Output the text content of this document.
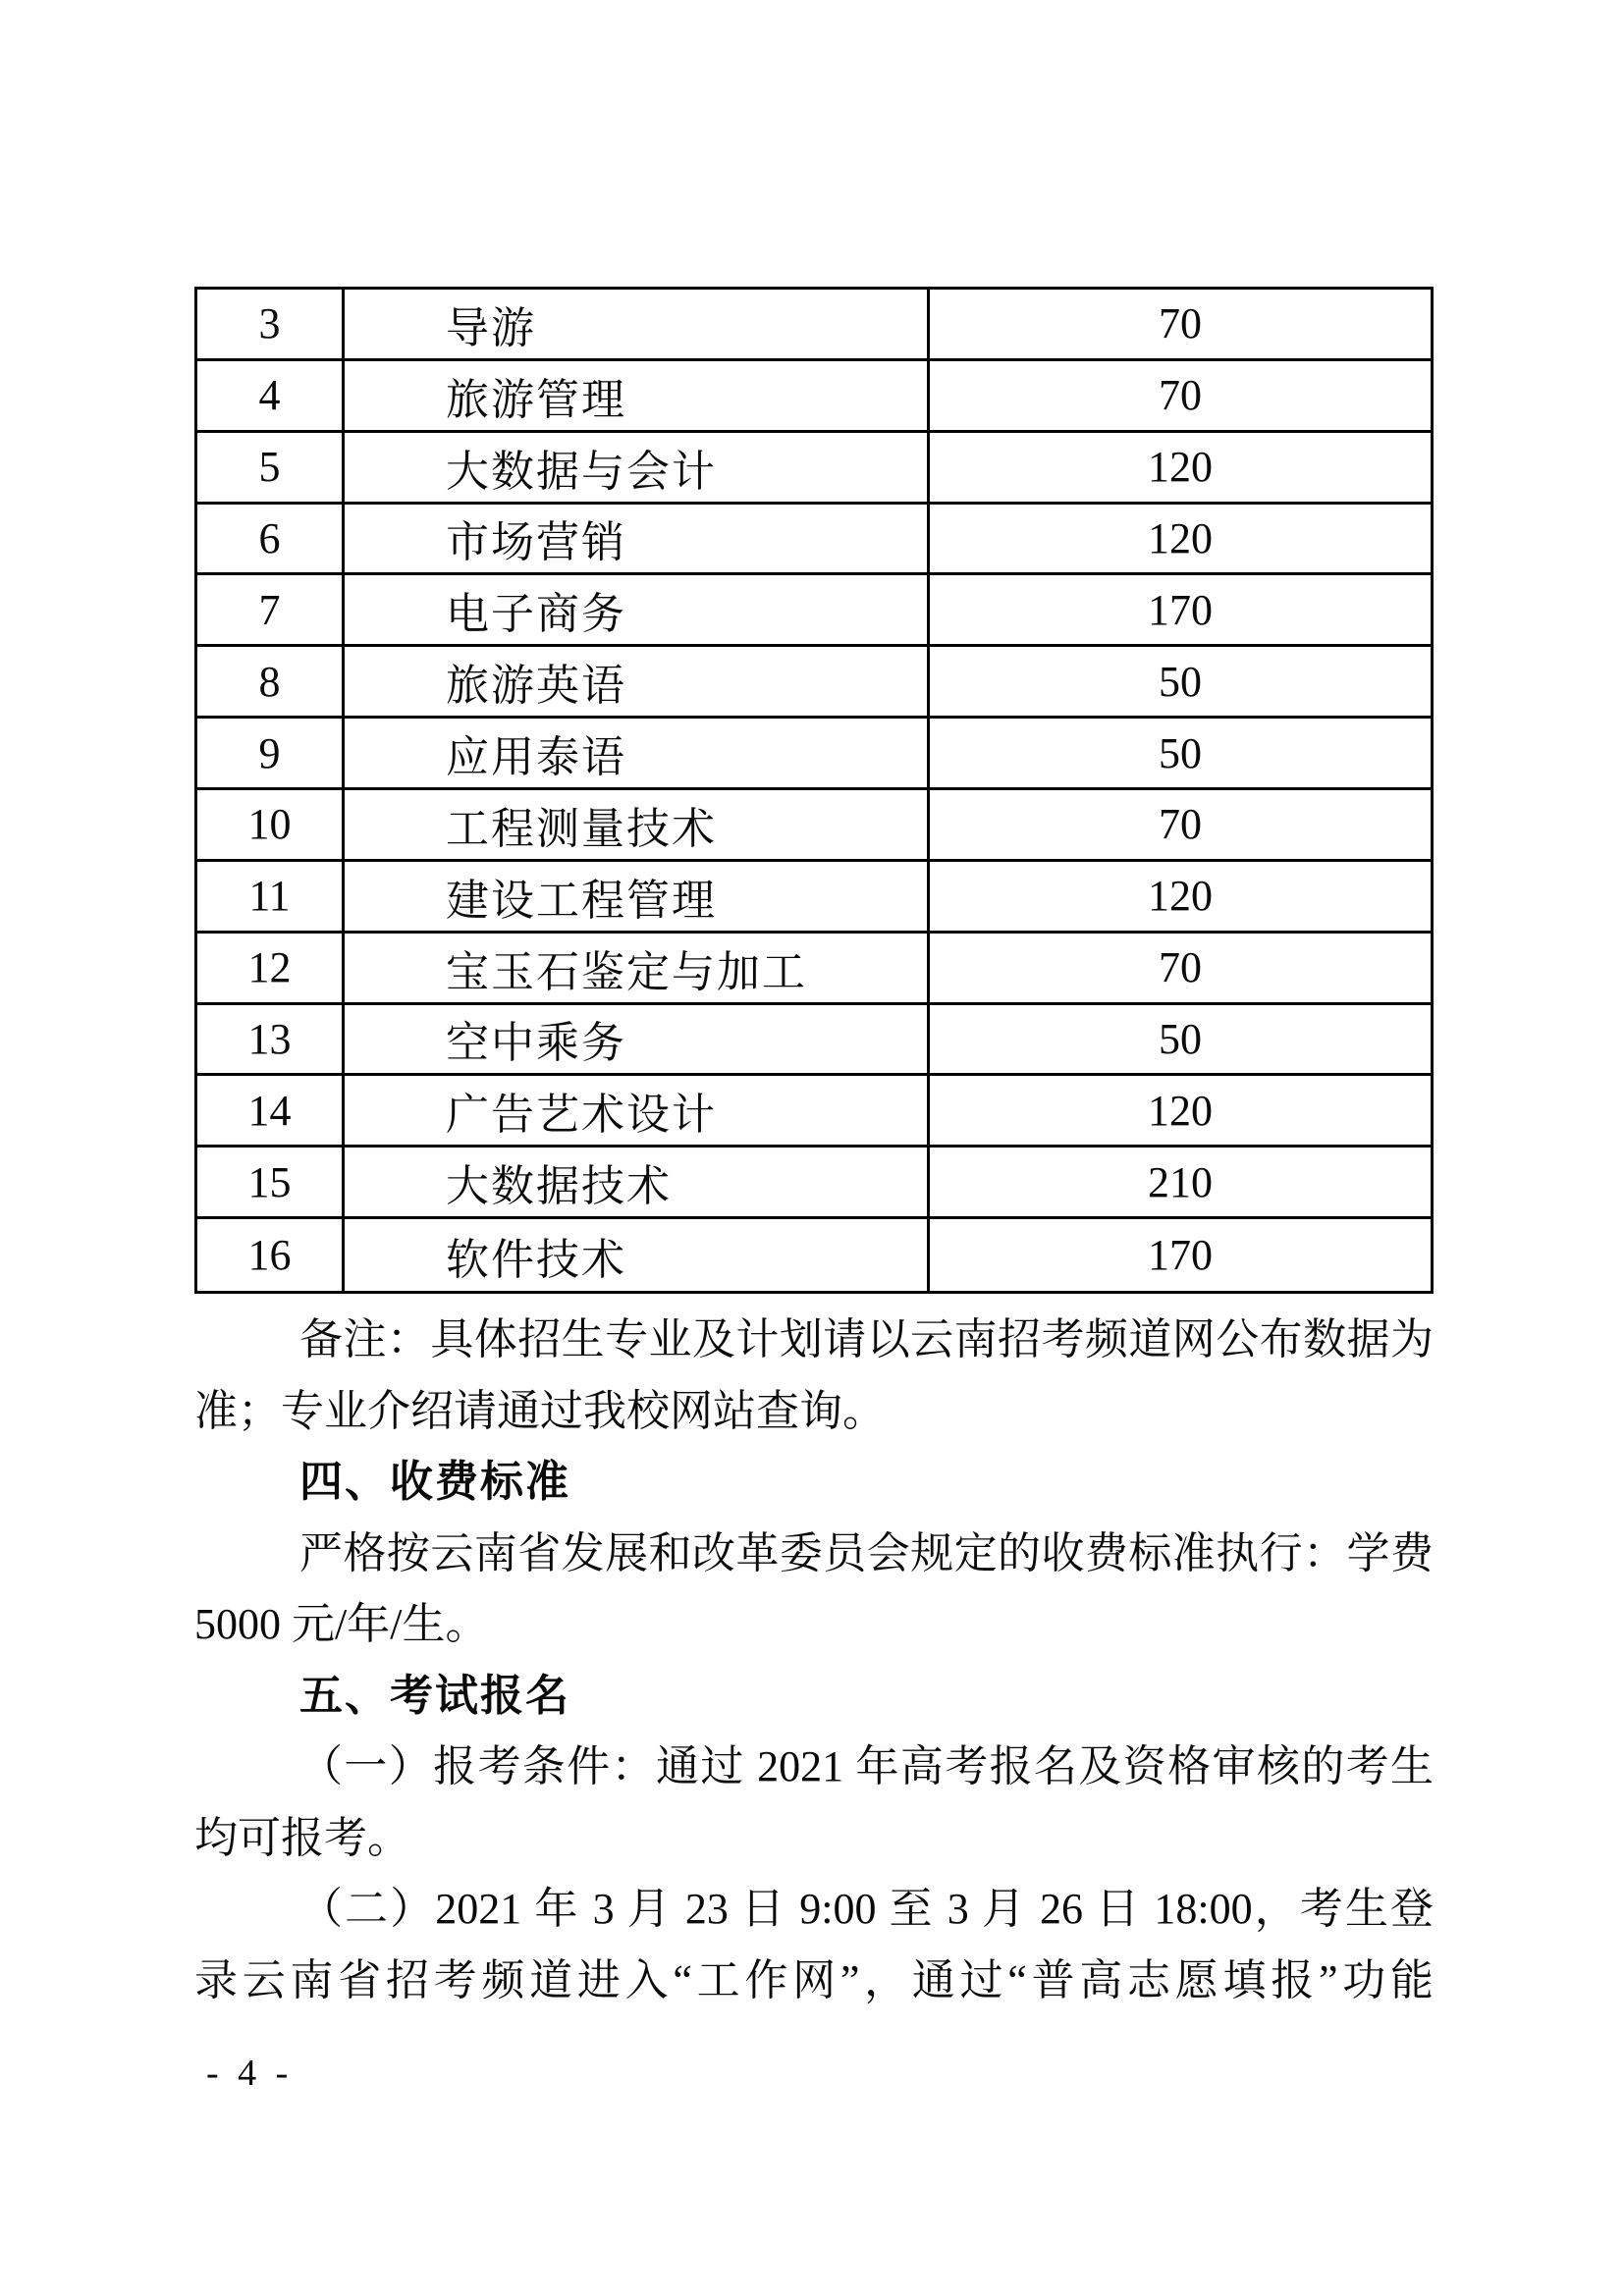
3	导游	70
4	旅游管理	70
5	大数据与会计	120
6	市场营销	120
7	电子商务	170
8	旅游英语	50
9	应用泰语	50
10	工程测量技术	70
11	建设工程管理	120
12	宝玉石鉴定与加工	70
13	空中乘务	50
14	广告艺术设计	120
15	大数据技术	210
16	软件技术	170
备注：具体招生专业及计划请以云南招考频道网公布数据为
准；专业介绍请通过我校网站查询。
四、收费标准
严格按云南省发展和改革委员会规定的收费标准执行：学费
5000 元/年/生。
五、考试报名
（一）报考条件：通过 2021 年高考报名及资格审核的考生
均可报考。
（二）2021 年 3 月 23 日 9:00 至 3 月 26 日 18:00，考生登
录云南省招考频道进入“工作网”，通过“普高志愿填报”功能
- 4 -
